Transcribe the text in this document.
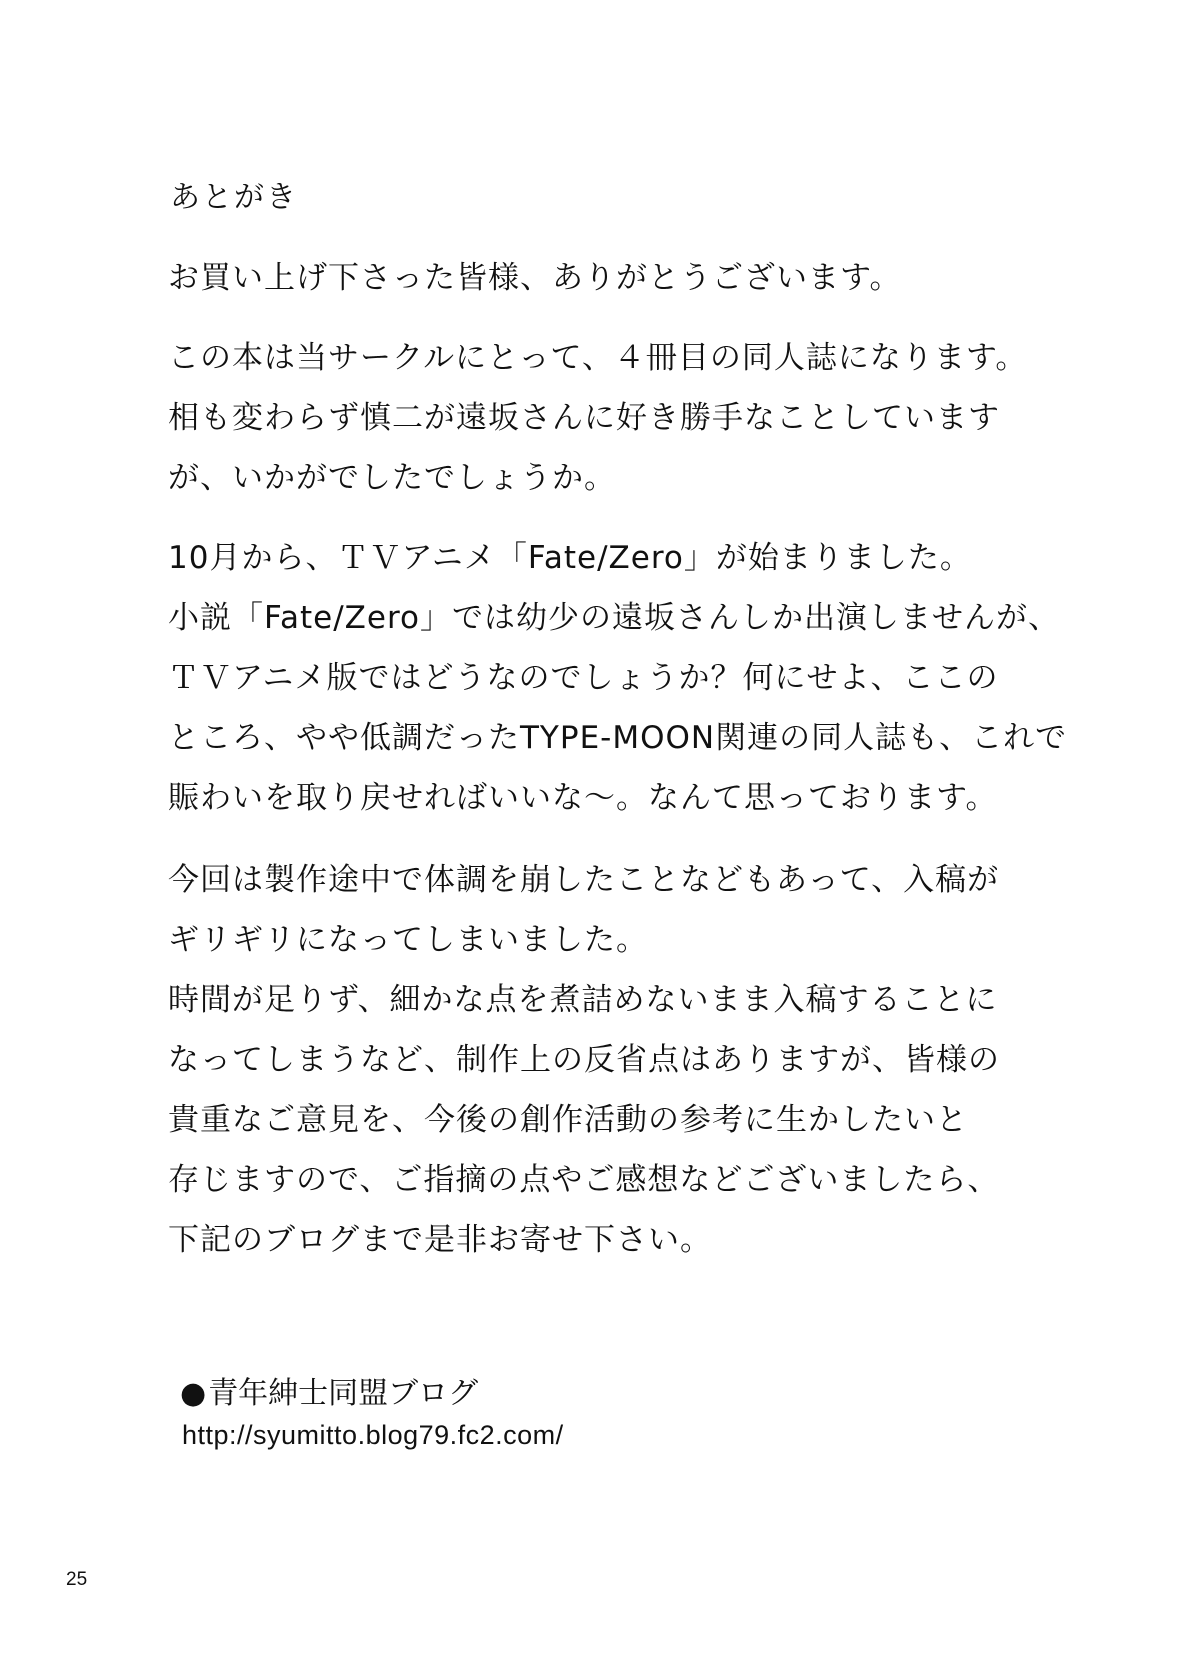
あとがき
お買い上げ下さった皆様、ありがとうございます。
この本は当サークルにとって、４冊目の同人誌になります。
相も変わらず慎二が遠坂さんに好き勝手なことしています
が、いかがでしたでしょうか。
10月から、ＴＶアニメ「Fate/Zero」が始まりました。
小説「Fate/Zero」では幼少の遠坂さんしか出演しませんが、
ＴＶアニメ版ではどうなのでしょうか？何にせよ、ここの
ところ、やや低調だったTYPE-MOON関連の同人誌も、これで
賑わいを取り戻せればいいな～。なんて思っております。
今回は製作途中で体調を崩したことなどもあって、入稿が
ギリギリになってしまいました。
時間が足りず、細かな点を煮詰めないまま入稿することに
なってしまうなど、制作上の反省点はありますが、皆様の
貴重なご意見を、今後の創作活動の参考に生かしたいと
存じますので、ご指摘の点やご感想などございましたら、
下記のブログまで是非お寄せ下さい。
●青年紳士同盟ブログ
http://syumitto.blog79.fc2.com/
25
